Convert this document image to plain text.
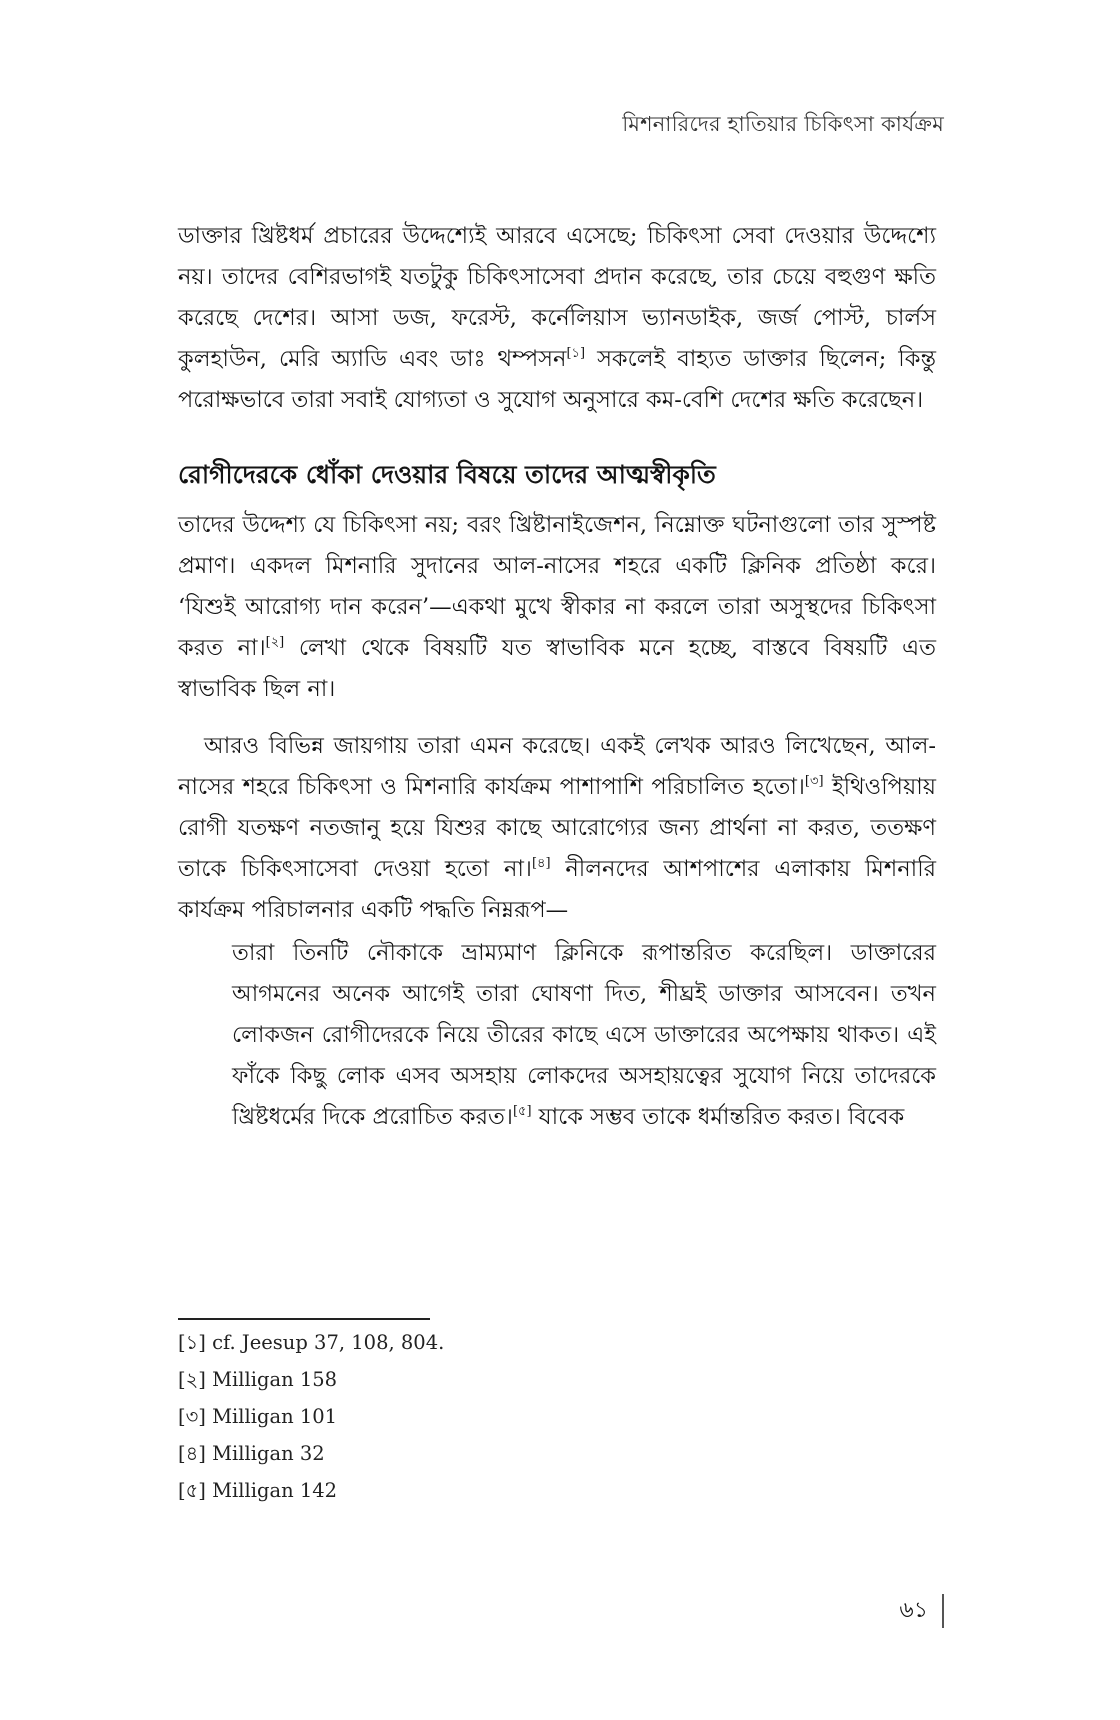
মিশনারিদের হাতিয়ার চিকিৎসা কার্যক্রম

ডাক্তার খ্রিষ্টধর্ম প্রচারের উদ্দেশ্যেই আরবে এসেছে; চিকিৎসা সেবা দেওয়ার উদ্দেশ্যে নয়। তাদের বেশিরভাগই যতটুকু চিকিৎসাসেবা প্রদান করেছে, তার চেয়ে বহুগুণ ক্ষতি করেছে দেশের। আসা ডজ, ফরেস্ট, কর্নেলিয়াস ভ্যানডাইক, জর্জ পোস্ট, চার্লস কুলহাউন, মেরি অ্যাডি এবং ডাঃ থম্পসন[১] সকলেই বাহ্যত ডাক্তার ছিলেন; কিন্তু পরোক্ষভাবে তারা সবাই যোগ্যতা ও সুযোগ অনুসারে কম-বেশি দেশের ক্ষতি করেছেন।

রোগীদেরকে ধোঁকা দেওয়ার বিষয়ে তাদের আত্মস্বীকৃতি

তাদের উদ্দেশ্য যে চিকিৎসা নয়; বরং খ্রিষ্টানাইজেশন, নিম্নোক্ত ঘটনাগুলো তার সুস্পষ্ট প্রমাণ। একদল মিশনারি সুদানের আল-নাসের শহরে একটি ক্লিনিক প্রতিষ্ঠা করে। ‘যিশুই আরোগ্য দান করেন’—একথা মুখে স্বীকার না করলে তারা অসুস্থদের চিকিৎসা করত না।[২] লেখা থেকে বিষয়টি যত স্বাভাবিক মনে হচ্ছে, বাস্তবে বিষয়টি এত স্বাভাবিক ছিল না।

আরও বিভিন্ন জায়গায় তারা এমন করেছে। একই লেখক আরও লিখেছেন, আল-নাসের শহরে চিকিৎসা ও মিশনারি কার্যক্রম পাশাপাশি পরিচালিত হতো।[৩] ইথিওপিয়ায় রোগী যতক্ষণ নতজানু হয়ে যিশুর কাছে আরোগ্যের জন্য প্রার্থনা না করত, ততক্ষণ তাকে চিকিৎসাসেবা দেওয়া হতো না।[৪] নীলনদের আশপাশের এলাকায় মিশনারি কার্যক্রম পরিচালনার একটি পদ্ধতি নিম্নরূপ—

তারা তিনটি নৌকাকে ভ্রাম্যমাণ ক্লিনিকে রূপান্তরিত করেছিল। ডাক্তারের আগমনের অনেক আগেই তারা ঘোষণা দিত, শীঘ্রই ডাক্তার আসবেন। তখন লোকজন রোগীদেরকে নিয়ে তীরের কাছে এসে ডাক্তারের অপেক্ষায় থাকত। এই ফাঁকে কিছু লোক এসব অসহায় লোকদের অসহায়ত্বের সুযোগ নিয়ে তাদেরকে খ্রিষ্টধর্মের দিকে প্ররোচিত করত।[৫] যাকে সম্ভব তাকে ধর্মান্তরিত করত। বিবেক
[১] cf. Jeesup 37, 108, 804.
[২] Milligan 158
[৩] Milligan 101
[৪] Milligan 32
[৫] Milligan 142
৬১
